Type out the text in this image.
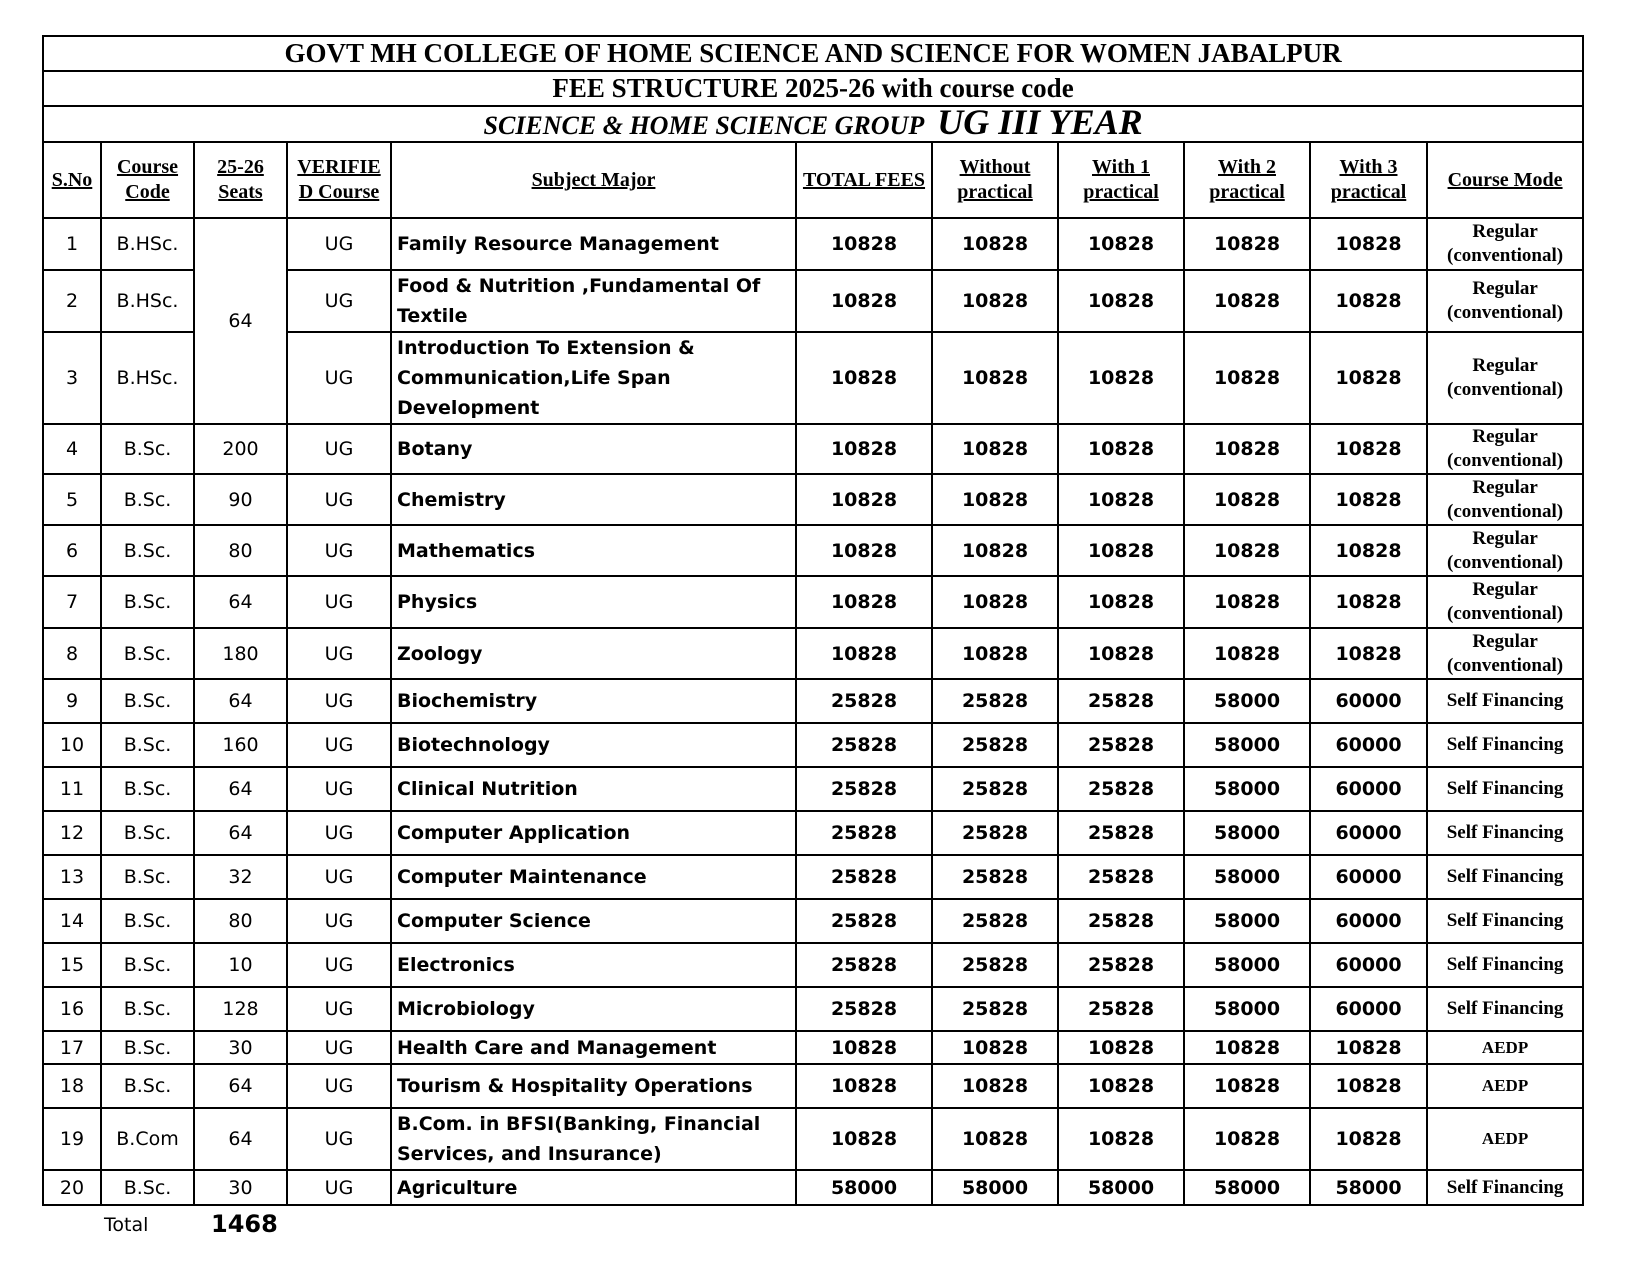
GOVT MH COLLEGE OF HOME SCIENCE AND SCIENCE FOR WOMEN JABALPUR										
FEE STRUCTURE 2025-26 with course code										
SCIENCE & HOME SCIENCE GROUP UG III YEAR										
S.No	Course Code	25-26 Seats	VERIFIED Course	Subject Major	TOTAL FEES	Without practical	With 1 practical	With 2 practical	With 3 practical	Course Mode
1	B.HSc.	64	UG	Family Resource Management	10828	10828	10828	10828	10828	Regular (conventional)
2	B.HSc.		UG	Food & Nutrition ,Fundamental Of Textile	10828	10828	10828	10828	10828	Regular (conventional)
3	B.HSc.		UG	Introduction To Extension & Communication,Life Span Development	10828	10828	10828	10828	10828	Regular (conventional)
4	B.Sc.	200	UG	Botany	10828	10828	10828	10828	10828	Regular (conventional)
5	B.Sc.	90	UG	Chemistry	10828	10828	10828	10828	10828	Regular (conventional)
6	B.Sc.	80	UG	Mathematics	10828	10828	10828	10828	10828	Regular (conventional)
7	B.Sc.	64	UG	Physics	10828	10828	10828	10828	10828	Regular (conventional)
8	B.Sc.	180	UG	Zoology	10828	10828	10828	10828	10828	Regular (conventional)
9	B.Sc.	64	UG	Biochemistry	25828	25828	25828	58000	60000	Self Financing
10	B.Sc.	160	UG	Biotechnology	25828	25828	25828	58000	60000	Self Financing
11	B.Sc.	64	UG	Clinical Nutrition	25828	25828	25828	58000	60000	Self Financing
12	B.Sc.	64	UG	Computer Application	25828	25828	25828	58000	60000	Self Financing
13	B.Sc.	32	UG	Computer Maintenance	25828	25828	25828	58000	60000	Self Financing
14	B.Sc.	80	UG	Computer Science	25828	25828	25828	58000	60000	Self Financing
15	B.Sc.	10	UG	Electronics	25828	25828	25828	58000	60000	Self Financing
16	B.Sc.	128	UG	Microbiology	25828	25828	25828	58000	60000	Self Financing
17	B.Sc.	30	UG	Health Care and Management	10828	10828	10828	10828	10828	AEDP
18	B.Sc.	64	UG	Tourism & Hospitality Operations	10828	10828	10828	10828	10828	AEDP
19	B.Com	64	UG	B.Com. in BFSI(Banking, Financial Services, and Insurance)	10828	10828	10828	10828	10828	AEDP
20	B.Sc.	30	UG	Agriculture	58000	58000	58000	58000	58000	Self Financing
Total	1468
